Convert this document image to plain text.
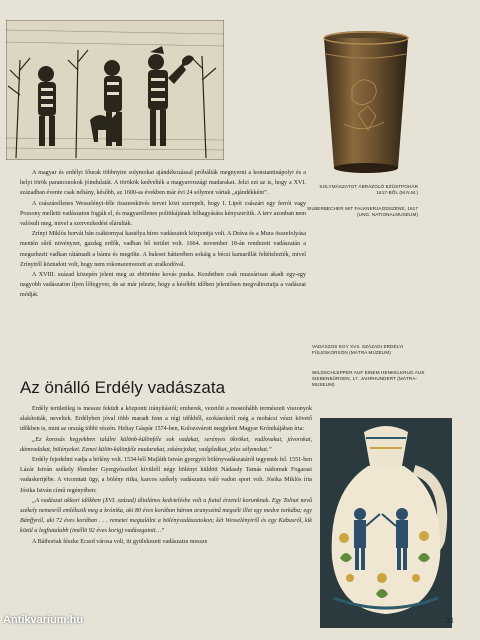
A magyar és erdélyi főurak többnyire solymokat ajándékozással próbálták megnyerni a konstantinápolyi és a helyi török parancsnokok jóindulatát. A törökök kedvelték a magyarországi madarakat. Jelzi ezt az is, hogy a XVI. században évente csak néhány, később, az 1600-as években már évi 24 sólymot vártak „ajándékként”.

A császárellenes Wesselényi-féle összeesküvés tervei közt szerepelt, hogy I. Lipót császárt egy ferrói vagy Pozsony melletti vadászaton fogják el, és magyarellenes politikájának felhagyására kényszerítik. A terv azonban nem valósult meg, mivel a szervezkedést elárulták.

Zrínyi Miklós horvát bán csáktornyai kastélya híres vadászatok központja volt. A Dráva és a Mura összefolyása mentén sűrű növényzet, gazdag erdők, vadban bő terület volt. 1664. november 18-án rendezett vadászatán a megsebzett vadkan rátámadt a bánra és megölte. A baleset hátterében sokáig a bécsi kamarillát feltételezték, mivel Zrínyiről köztudott volt, hogy nem rokonszenvezett az uralkodóval.

A XVIII. század közepén jelent meg az ebtörténs kovás puska. Kezdetben csak muzeárisan akadt egy-egy nagyobb vadászaton ilyen lőfegyver, de az már jelezte, hogy a későbbi időben jelentősen megváltoztatja a vadászat módját.

Az önálló Erdély vadászata

Erdély területileg is messze feküdt a központi irányítástól; emberek, vezetőit a mostohább természeti viszonyok alakították, neveltek. Erdélyben jóval több maradt fenn a régi időkből, szokásokról még a mohácsi vészt követő időkben is, mint az ország többi részén. Heltay Gáspár 1574-ben, Kolozsvárott megjelent Magyar Krónikájában írta:

„Ez korosás hegyekben találni különb-különféle sok vadakat, serényes ökröket, vadlovakat, jávorokat, dámvadakat, bölényeket. Ezmei külön-különféle madarakat, zskáncjokat, vadgőzdkat, jeles sólymokat.”

Erdély fejedelmi vadja a bölény volt. 1534-ből Majláth István gyergyói bölényvadászatáról tegyenek fel. 1551-ben Lázár István székely főember Gyergyószéket kívülről négy bölényt küldött Nádasdy Tamás nádornak Fogarasi vadaskertjébe. A vicomtati ügy, a bölény ritka, karcos székely vadászatra való vadon sport volt. Jósika Miklós írta Jósika István című regényében:

„A vadászat akkori időkben (XVI. század) általános kedvteléshe volt a fiatal érzeteli korunknak. Egy Tolnai nevű székely nemesről emlékszik meg a krónika, aki 80 éves korában három aranyszínű megsélt illet egy medve torkába; egy Bánffyról, aki 72 éves korában . . . remetei megtalálni a bölényvadászatokon; két Wesselényiről és egy Kabusról, kik közül a legfiatalabb (iméllö 92 éves korig) vadászgatott…”

A Báthoriak fészke Ecsed városa volt, itt gyülekezett vadászatra messze

SOLYMÁSZATOT ÁBRÁZOLÓ EZÜSTPOHÁR 1617-BŐL (M.N.M.)
SILBERBECHER MIT FALKNERJAGDSZENE, 1617 (UNG. NATIONALMUSEUM)
VADÁSZOS EGY XVII. SZÁZADI ERDÉLYI FÜLESKORSÓN (MÁTRA MÚZEUM)
WILDSCHLEPPER AUF EINEM HENKELKRUG AUS SIEBENBÜRGEN, 17. JAHRHUNDERT (MÁTRA-MUSEUM)
21
Antikvarium.hu
